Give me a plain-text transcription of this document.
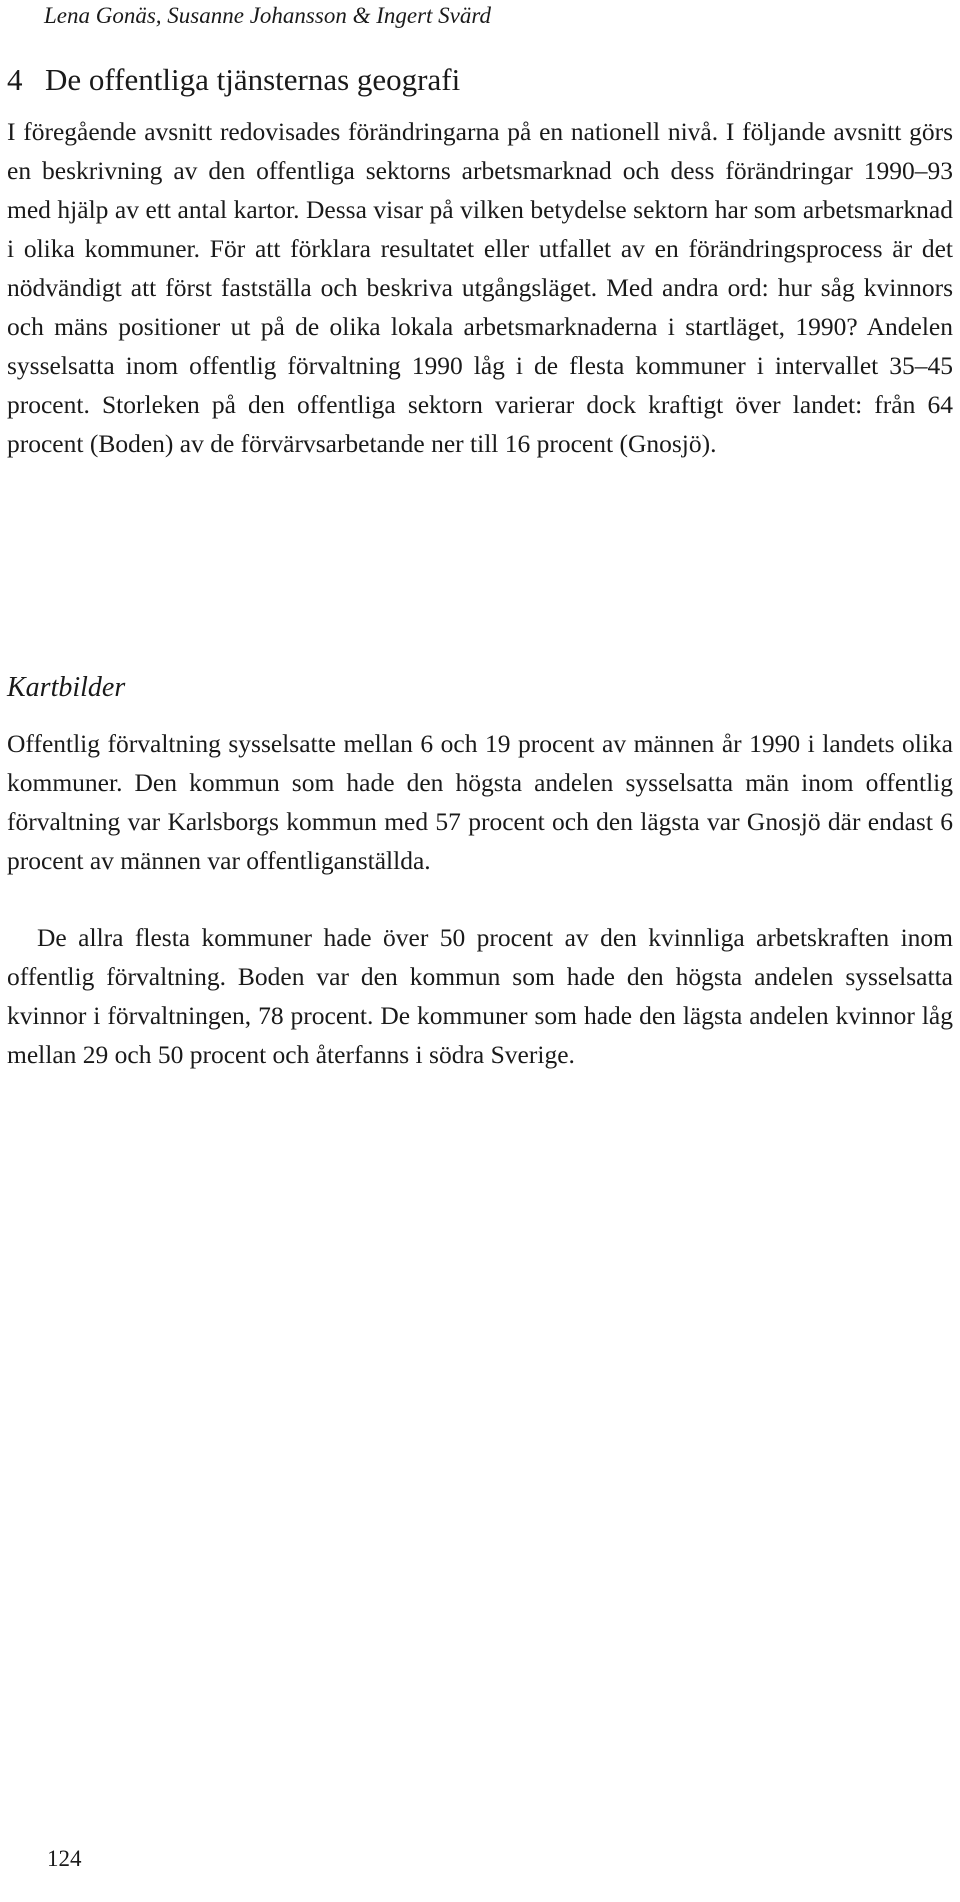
Lena Gonäs, Susanne Johansson & Ingert Svärd
4 De offentliga tjänsternas geografi

I föregående avsnitt redovisades förändringarna på en nationell nivå. I följande avsnitt görs en beskrivning av den offentliga sektorns arbetsmarknad och dess förändringar 1990–93 med hjälp av ett antal kartor. Dessa visar på vilken betydelse sektorn har som arbetsmarknad i olika kommuner. För att förklara resultatet eller utfallet av en förändringsprocess är det nödvändigt att först fastställa och beskriva utgångsläget. Med andra ord: hur såg kvinnors och mäns positioner ut på de olika lokala arbetsmarknaderna i startläget, 1990? Andelen sysselsatta inom offentlig förvaltning 1990 låg i de flesta kommuner i intervallet 35–45 procent. Storleken på den offentliga sektorn varierar dock kraftigt över landet: från 64 procent (Boden) av de förvärvsarbetande ner till 16 procent (Gnosjö).

Kartbilder

Offentlig förvaltning sysselsatte mellan 6 och 19 procent av männen år 1990 i landets olika kommuner. Den kommun som hade den högsta andelen sysselsatta män inom offentlig förvaltning var Karlsborgs kommun med 57 procent och den lägsta var Gnosjö där endast 6 procent av männen var offentliganställda.

De allra flesta kommuner hade över 50 procent av den kvinnliga arbetskraften inom offentlig förvaltning. Boden var den kommun som hade den högsta andelen sysselsatta kvinnor i förvaltningen, 78 procent. De kommuner som hade den lägsta andelen kvinnor låg mellan 29 och 50 procent och återfanns i södra Sverige.

124
